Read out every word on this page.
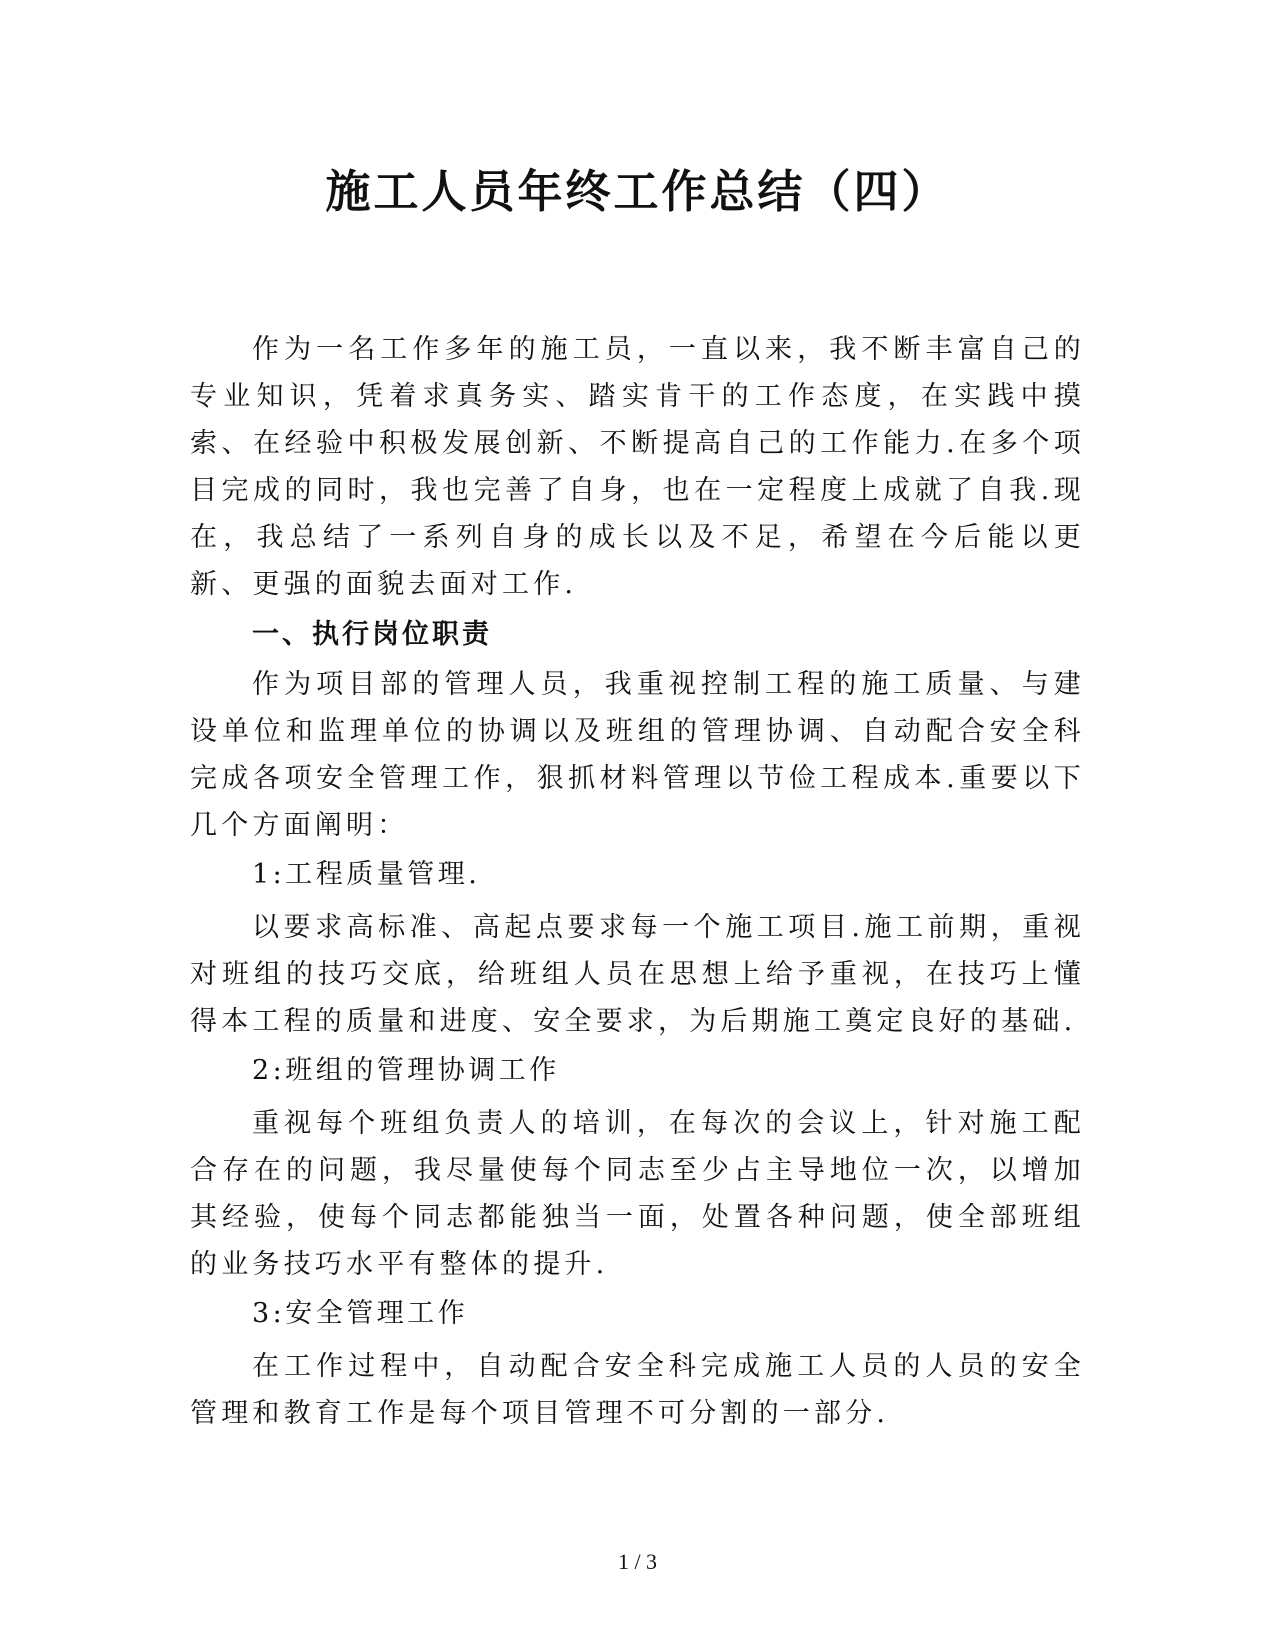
施工人员年终工作总结（四）

作为一名工作多年的施工员，一直以来，我不断丰富自己的专业知识，凭着求真务实、踏实肯干的工作态度，在实践中摸索、在经验中积极发展创新、不断提高自己的工作能力.在多个项目完成的同时，我也完善了自身，也在一定程度上成就了自我.现在，我总结了一系列自身的成长以及不足，希望在今后能以更新、更强的面貌去面对工作.

一、执行岗位职责

作为项目部的管理人员，我重视控制工程的施工质量、与建设单位和监理单位的协调以及班组的管理协调、自动配合安全科完成各项安全管理工作，狠抓材料管理以节俭工程成本.重要以下几个方面阐明：

1:工程质量管理.

以要求高标准、高起点要求每一个施工项目.施工前期，重视对班组的技巧交底，给班组人员在思想上给予重视，在技巧上懂得本工程的质量和进度、安全要求，为后期施工奠定良好的基础.

2:班组的管理协调工作

重视每个班组负责人的培训，在每次的会议上，针对施工配合存在的问题，我尽量使每个同志至少占主导地位一次，以增加其经验，使每个同志都能独当一面，处置各种问题，使全部班组的业务技巧水平有整体的提升.

3:安全管理工作

在工作过程中，自动配合安全科完成施工人员的人员的安全管理和教育工作是每个项目管理不可分割的一部分.

1 / 3
